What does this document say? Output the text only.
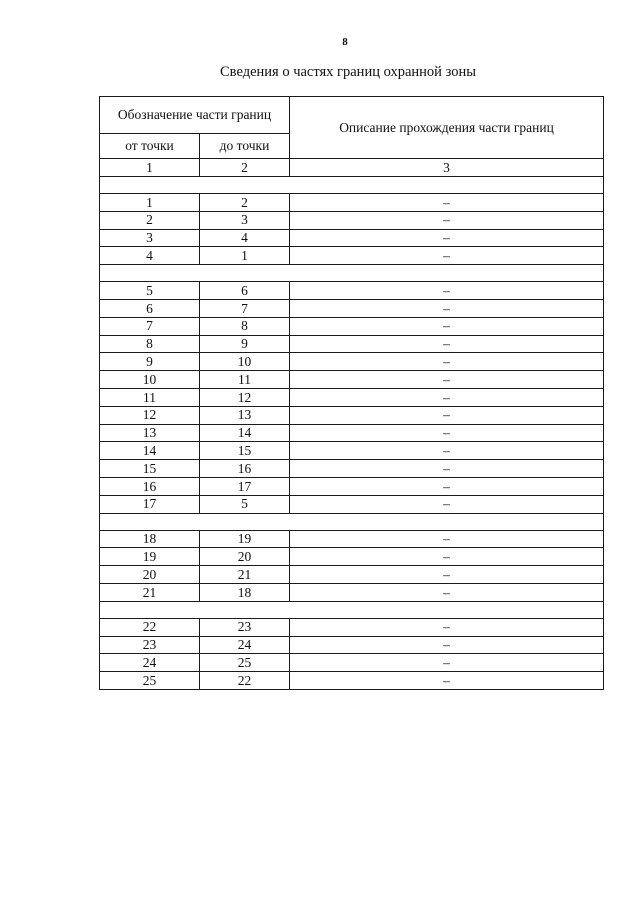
8
Сведения о частях границ охранной зоны
Обозначение части границ		Описание прохождения части границ
от точки	до точки	
1	2	3

1	2	–
2	3	–
3	4	–
4	1	–

5	6	–
6	7	–
7	8	–
8	9	–
9	10	–
10	11	–
11	12	–
12	13	–
13	14	–
14	15	–
15	16	–
16	17	–
17	5	–

18	19	–
19	20	–
20	21	–
21	18	–

22	23	–
23	24	–
24	25	–
25	22	–
